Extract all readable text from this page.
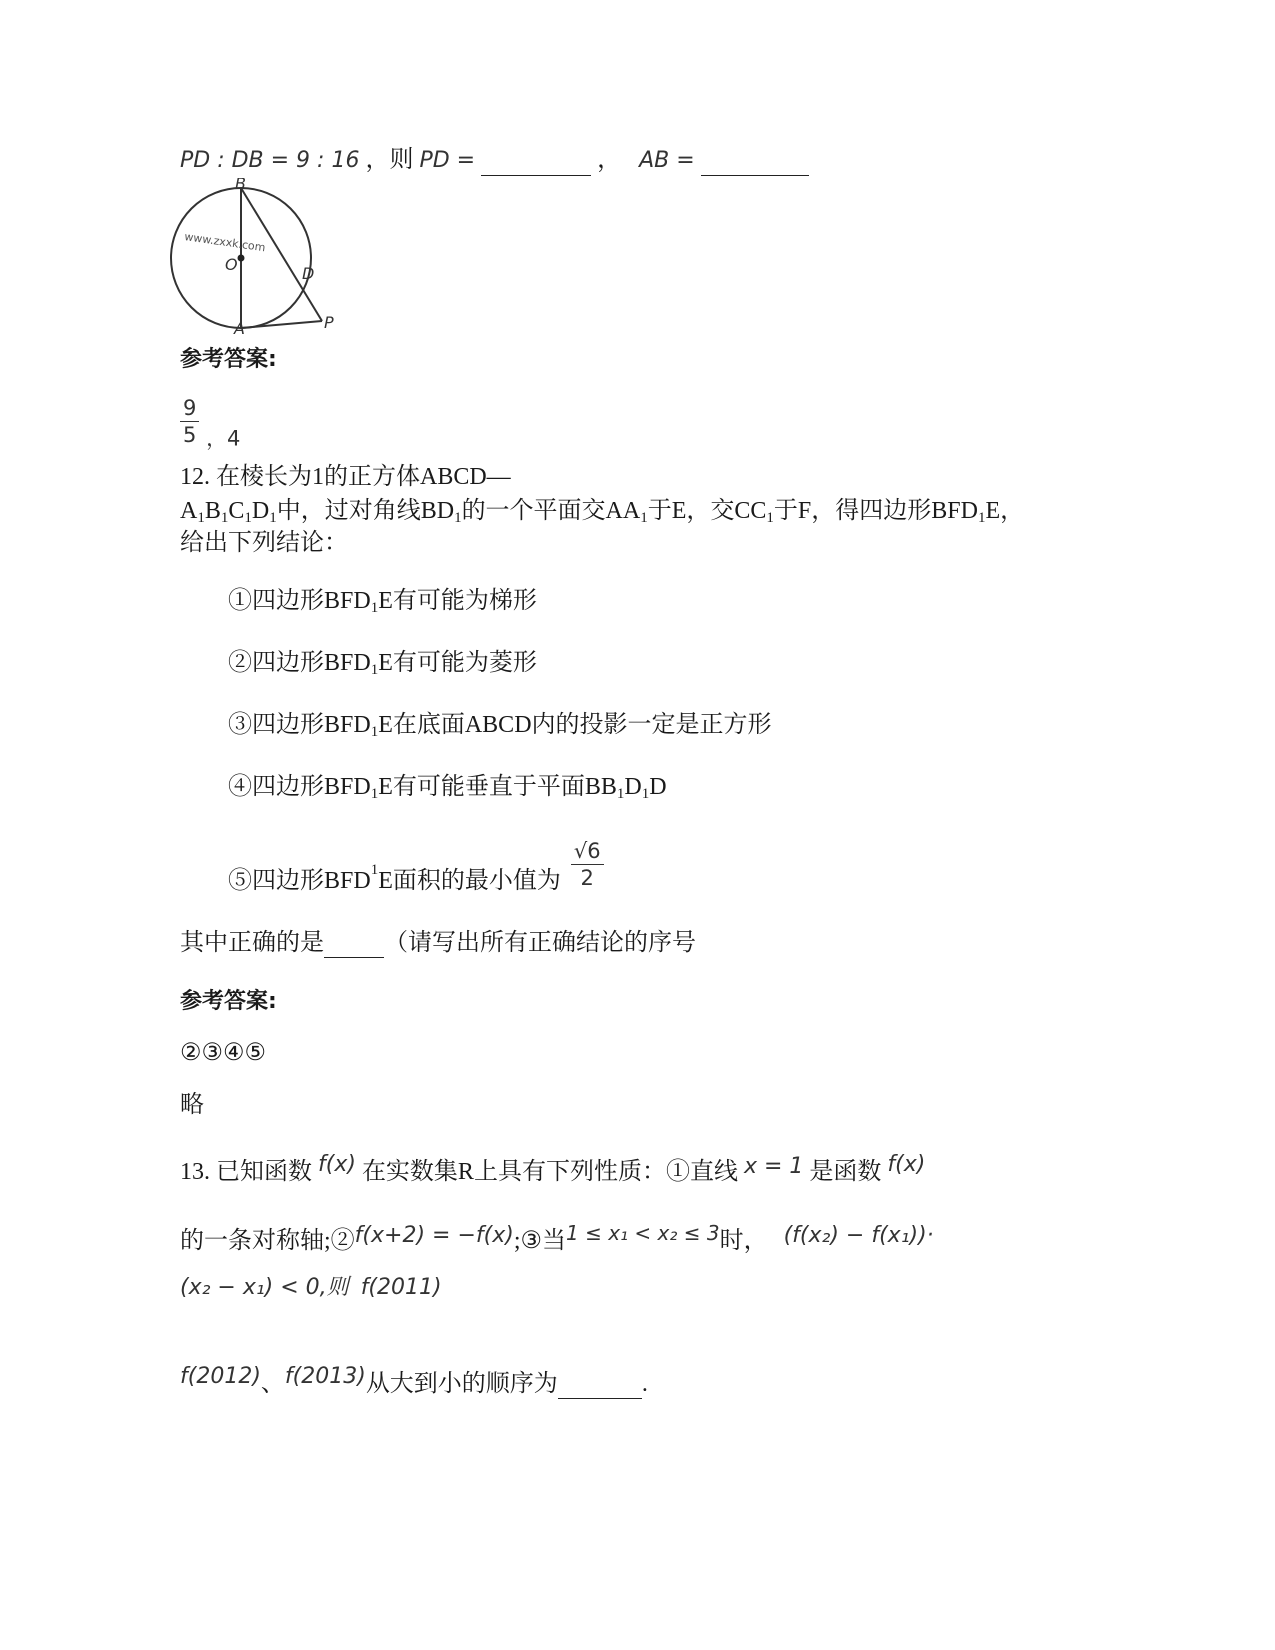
PD : DB = 9 : 16 ，则 PD =	， AB =
www.zxxk.com
B
O	D
A	P
参考答案:
$\frac{9}{5}$ ，4
12. 在棱长为1的正方体ABCD—
$A_1B_1C_1D_1$中，过对角线$BD_1$的一个平面交$AA_1$于E，交$CC_1$于F，得四边形$BFD_1E$，
给出下列结论：
①四边形$BFD_1E$有可能为梯形
②四边形$BFD_1E$有可能为菱形
③四边形$BFD_1E$在底面ABCD内的投影一定是正方形
④四边形$BFD_1E$有可能垂直于平面$BB_1D_1D$
⑤四边形$BFD_1E$面积的最小值为 $\frac{√6}{2}$
其中正确的是	（请写出所有正确结论的序号
参考答案:
②③④⑤
略
13. 已知函数 f(x) 在实数集R上具有下列性质：①直线 x = 1 是函数 f(x)
的一条对称轴;②f(x+2) = −f(x);③当$^{1 \le x_1 < x_2 \le 3}$时， (f(x₂) − f(x₁))·
(x₂ − x₁) < 0,则 f(2011)
f(2012)、f(2013)从大到小的顺序为	.
